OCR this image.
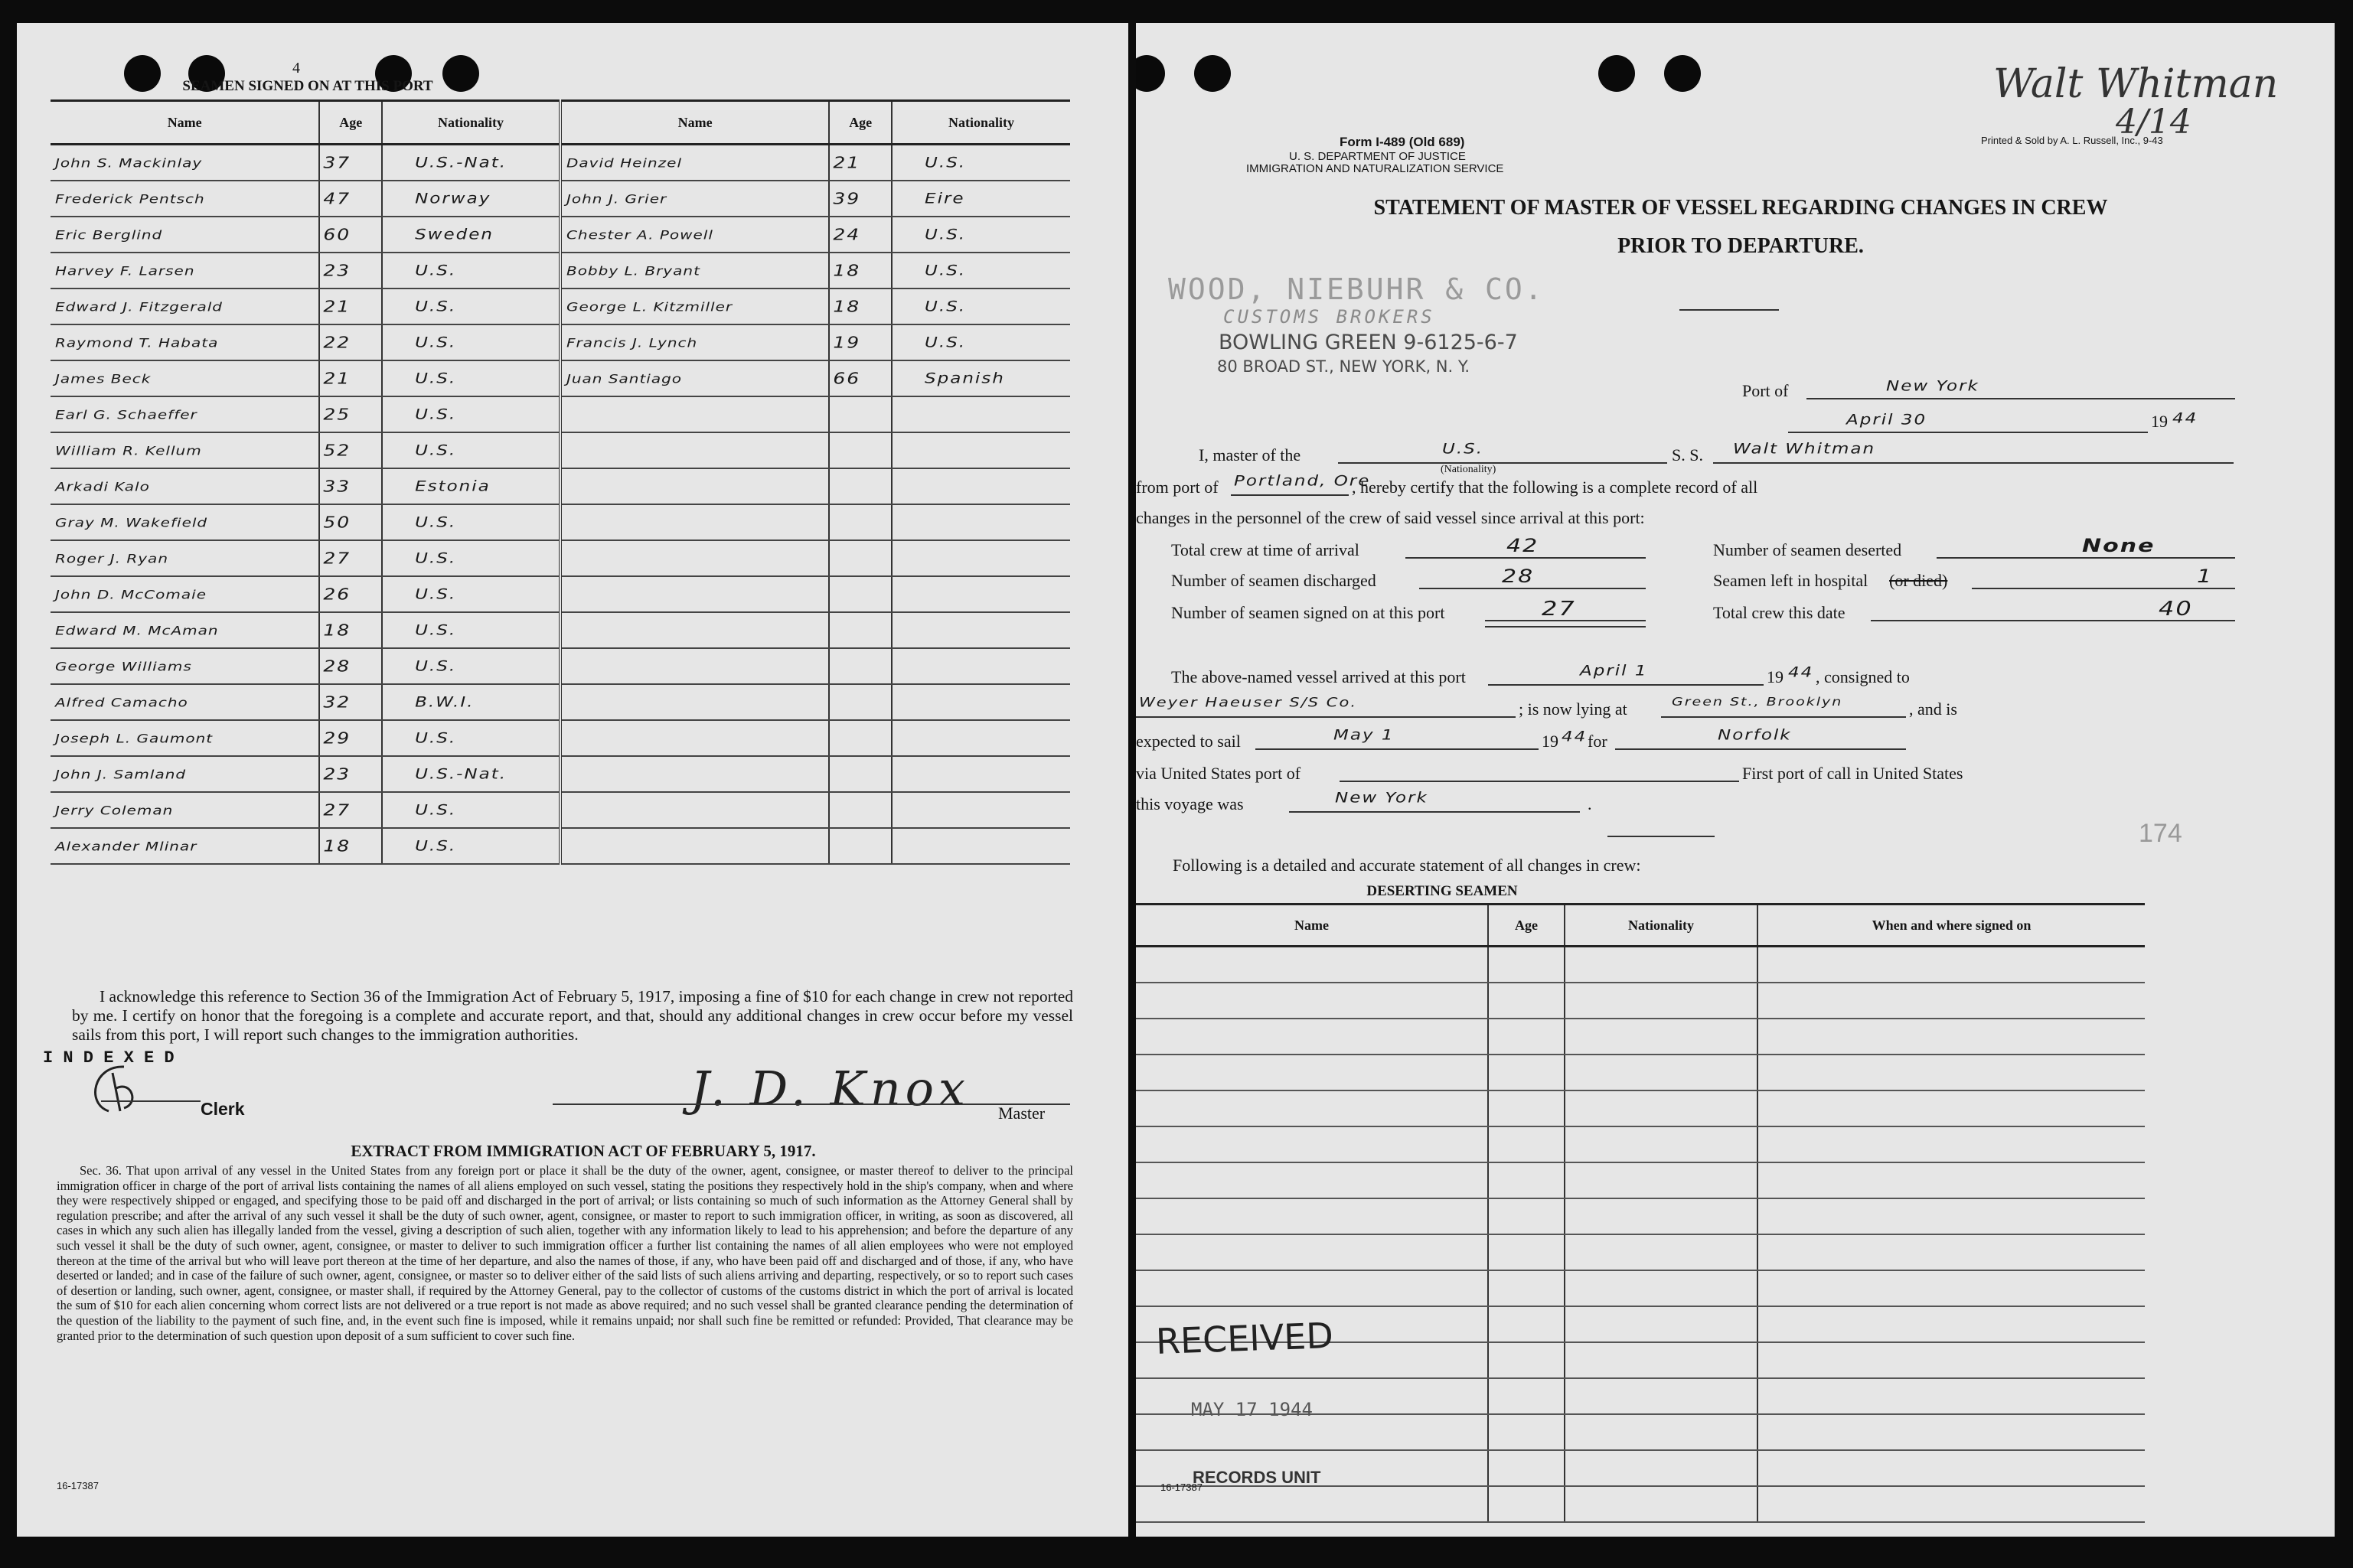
4
SEAMEN SIGNED ON AT THIS PORT
Name	Age	Nationality	Name	Age	Nationality
John S. Mackinlay	37	U.S.-Nat.	David Heinzel	21	U.S.
Frederick Pentsch	47	Norway	John J. Grier	39	Eire
Eric Berglind	60	Sweden	Chester A. Powell	24	U.S.
Harvey F. Larsen	23	U.S.	Bobby L. Bryant	18	U.S.
Edward J. Fitzgerald	21	U.S.	George L. Kitzmiller	18	U.S.
Raymond T. Habata	22	U.S.	Francis J. Lynch	19	U.S.
James Beck	21	U.S.	Juan Santiago	66	Spanish
Earl G. Schaeffer	25	U.S.			
William R. Kellum	52	U.S.			
Arkadi Kalo	33	Estonia			
Gray M. Wakefield	50	U.S.			
Roger J. Ryan	27	U.S.			
John D. McComaie	26	U.S.			
Edward M. McAman	18	U.S.			
George Williams	28	U.S.			
Alfred Camacho	32	B.W.I.			
Joseph L. Gaumont	29	U.S.			
John J. Samland	23	U.S.-Nat.			
Jerry Coleman	27	U.S.			
Alexander Mlinar	18	U.S.			
I acknowledge this reference to Section 36 of the Immigration Act of February 5, 1917, imposing a fine of $10 for each change in crew not reported by me. I certify on honor that the foregoing is a complete and accurate report, and that, should any additional changes in crew occur before my vessel sails from this port, I will report such changes to the immigration authorities.
I N D E X E D
Clerk	J. D. Knox Master
EXTRACT FROM IMMIGRATION ACT OF FEBRUARY 5, 1917.
Sec. 36. That upon arrival of any vessel in the United States from any foreign port or place it shall be the duty of the owner, agent, consignee, or master thereof to deliver to the principal immigration officer in charge of the port of arrival lists containing the names of all aliens employed on such vessel, stating the positions they respectively hold in the ship's company, when and where they were respectively shipped or engaged, and specifying those to be paid off and discharged in the port of arrival; or lists containing so much of such information as the Attorney General shall by regulation prescribe; and after the arrival of any such vessel it shall be the duty of such owner, agent, consignee, or master to report to such immigration officer, in writing, as soon as discovered, all cases in which any such alien has illegally landed from the vessel, giving a description of such alien, together with any information likely to lead to his apprehension; and before the departure of any such vessel it shall be the duty of such owner, agent, consignee, or master to deliver to such immigration officer a further list containing the names of all alien employees who were not employed thereon at the time of the arrival but who will leave port thereon at the time of her departure, and also the names of those, if any, who have been paid off and discharged and of those, if any, who have deserted or landed; and in case of the failure of such owner, agent, consignee, or master so to deliver either of the said lists of such aliens arriving and departing, respectively, or so to report such cases of desertion or landing, such owner, agent, consignee, or master shall, if required by the Attorney General, pay to the collector of customs of the customs district in which the port of arrival is located the sum of $10 for each alien concerning whom correct lists are not delivered or a true report is not made as above required; and no such vessel shall be granted clearance pending the determination of the question of the liability to the payment of such fine, and, in the event such fine is imposed, while it remains unpaid; nor shall such fine be remitted or refunded: Provided, That clearance may be granted prior to the determination of such question upon deposit of a sum sufficient to cover such fine.
16-17387
Form I-489 (Old 689)
U. S. DEPARTMENT OF JUSTICE
IMMIGRATION AND NATURALIZATION SERVICE
Printed & Sold by A. L. Russell, Inc., 9-43
Walt Whitman
4/14
STATEMENT OF MASTER OF VESSEL REGARDING CHANGES IN CREW
PRIOR TO DEPARTURE.
WOOD, NIEBUHR & CO.
CUSTOMS BROKERS
BOWLING GREEN 9-6125-6-7
80 BROAD ST., NEW YORK, N. Y.
Port of	New York
April 30	19 44
I, master of the	U.S.
(Nationality)
S. S. Walt Whitman
from port of Portland, Ore
, hereby certify that the following is a complete record of all
changes in the personnel of the crew of said vessel since arrival at this port:
Total crew at time of arrival	42	Number of seamen deserted	None
Number of seamen discharged	28	Seamen left in hospital (or died)	1
Number of seamen signed on at this port	27	Total crew this date	40
The above-named vessel arrived at this port	April 1	19 44 , consigned to
Weyer Haeuser S/S Co.	; is now lying at	Green St., Brooklyn	, and is
expected to sail	May 1	19 44 for	Norfolk
via United States port of	First port of call in United States
this voyage was	New York	.
174
Following is a detailed and accurate statement of all changes in crew:
DESERTING SEAMEN
Name	Age	Nationality	When and where signed on

RECEIVED
MAY 17 1944
16-17387
RECORDS UNIT
